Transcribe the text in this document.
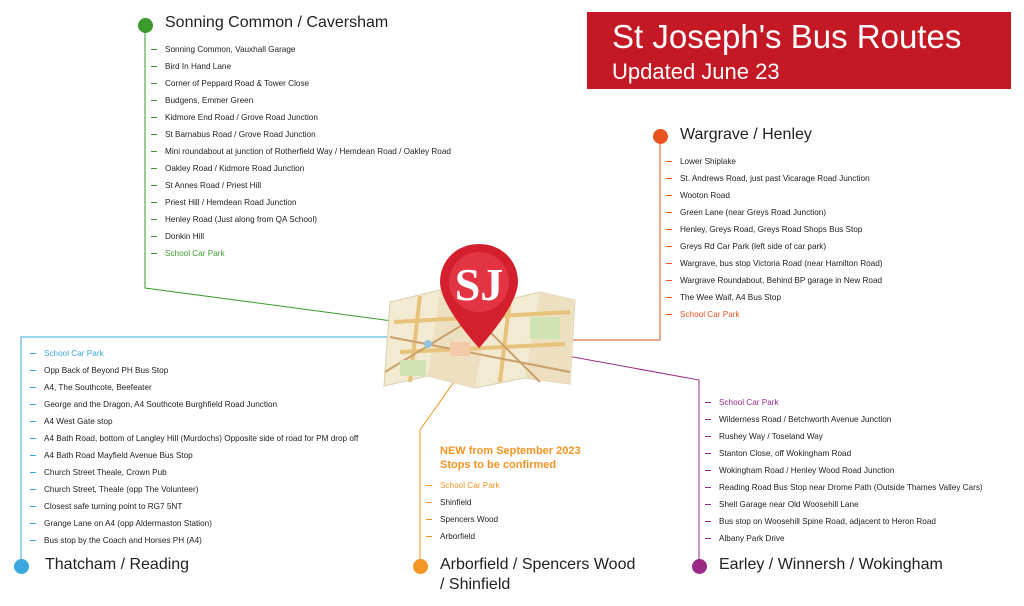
St Joseph's Bus Routes
Updated June 23
SJ
Sonning Common / Caversham
Sonning Common, Vauxhall Garage
Bird In Hand Lane
Corner of Peppard Road & Tower Close
Budgens, Emmer Green
Kidmore End Road / Grove Road Junction
St Barnabus Road / Grove Road Junction
Mini roundabout at junction of Rotherfield Way / Hemdean Road / Oakley Road
Oakley Road / Kidmore Road Junction
St Annes Road / Priest Hill
Priest Hill / Hemdean Road Junction
Henley Road (Just along from QA School)
Donkin Hill
School Car Park
Wargrave / Henley
Lower Shiplake
St. Andrews Road, just past Vicarage Road Junction
Wooton Road
Green Lane (near Greys Road Junction)
Henley, Greys Road, Greys Road Shops Bus Stop
Greys Rd Car Park (left side of car park)
Wargrave, bus stop Victoria Road (near Hamilton Road)
Wargrave Roundabout, Behind BP garage in New Road
The Wee Waif, A4 Bus Stop
School Car Park
School Car Park
Opp Back of Beyond PH Bus Stop
A4, The Southcote, Beefeater
George and the Dragon, A4 Southcote Burghfield Road Junction
A4 West Gate stop
A4 Bath Road, bottom of Langley Hill (Murdochs) Opposite side of road for PM drop off
A4 Bath Road Mayfield Avenue Bus Stop
Church Street Theale, Crown Pub
Church Street, Theale (opp The Volunteer)
Closest safe turning point to RG7 5NT
Grange Lane on A4 (opp Aldermaston Station)
Bus stop by the Coach and Horses PH (A4)
Thatcham / Reading
NEW from September 2023
Stops to be confirmed
School Car Park
Shinfield
Spencers Wood
Arborfield
Arborfield / Spencers Wood
/ Shinfield
School Car Park
Wilderness Road / Betchworth Avenue Junction
Rushey Way / Toseland Way
Stanton Close, off Wokingham Road
Wokingham Road / Henley Wood Road Junction
Reading Road Bus Stop near Drome Path (Outside Thames Valley Cars)
Shell Garage near Old Woosehill Lane
Bus stop on Woosehill Spine Road, adjacent to Heron Road
Albany Park Drive
Earley / Winnersh / Wokingham
